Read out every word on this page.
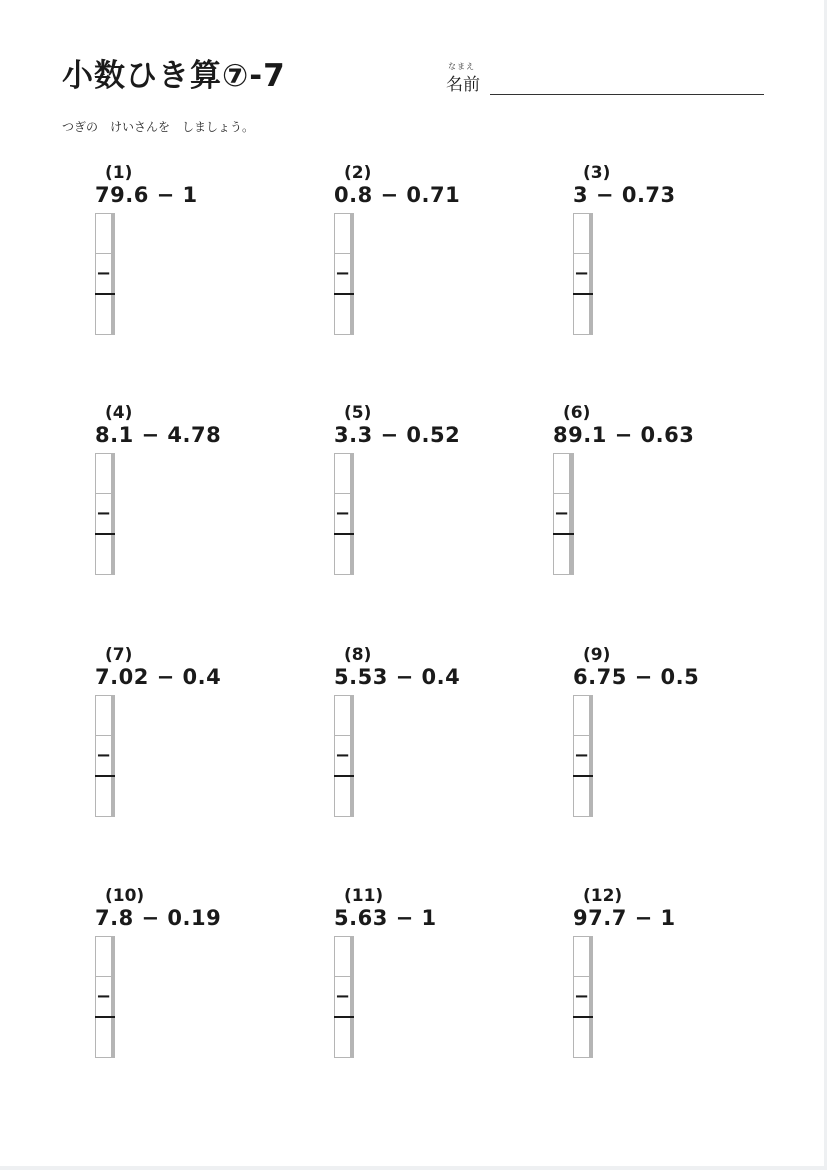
小数ひき算⑦-7	なまえ
名前
つぎの　けいさんを　しましょう。
(1)
79.6 − 1

−			

(2)
0.8 − 0.71

−			

(3)
3 − 0.73

−			

(4)
8.1 − 4.78

−			

(5)
3.3 − 0.52

−			

(6)
89.1 − 0.63

−				

(7)
7.02 − 0.4

−			

(8)
5.53 − 0.4

−			

(9)
6.75 − 0.5

−			

(10)
7.8 − 0.19

−			

(11)
5.63 − 1

−			

(12)
97.7 − 1

−			
